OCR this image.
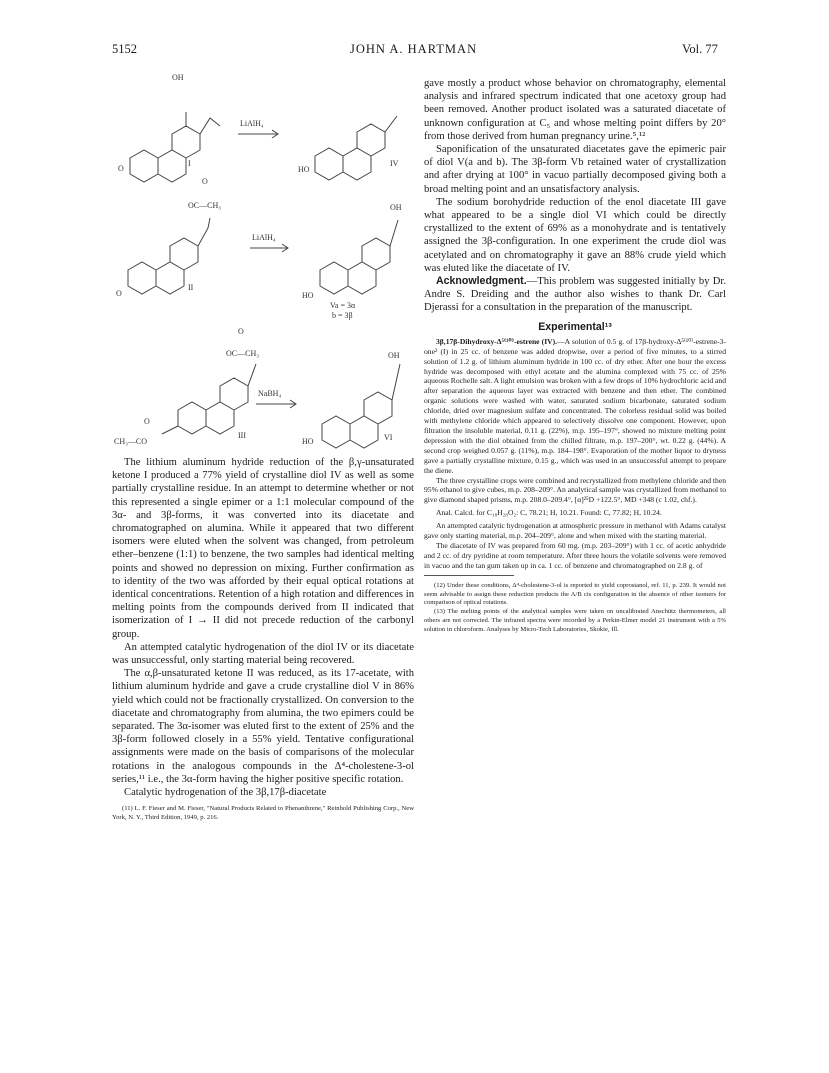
5152	JOHN A. HARTMAN	Vol. 77
OH
LiAlH₄
O
I
HO
IV
O
OC—CH₃	OH
LiAlH₄
O
II
HO
Va = 3α
b = 3β
O
OC—CH₃	OH
NaBH₄
O
CH₃—CO
III
HO	VI

The lithium aluminum hydride reduction of the β,γ-unsaturated ketone I produced a 77% yield of crystalline diol IV as well as some partially crystalline residue. In an attempt to determine whether or not this represented a single epimer or a 1:1 molecular compound of the 3α- and 3β-forms, it was converted into its diacetate and chromatographed on alumina. While it appeared that two different isomers were eluted when the solvent was changed, from petroleum ether–benzene (1:1) to benzene, the two samples had identical melting points and showed no depression on mixing. Further confirmation as to identity of the two was afforded by their equal optical rotations at identical concentrations. Retention of a high rotation and differences in melting points from the compounds derived from II indicated that isomerization of I → II did not precede reduction of the carbonyl group.

An attempted catalytic hydrogenation of the diol IV or its diacetate was unsuccessful, only starting material being recovered.

The α,β-unsaturated ketone II was reduced, as its 17-acetate, with lithium aluminum hydride and gave a crude crystalline diol V in 86% yield which could not be fractionally crystallized. On conversion to the diacetate and chromatography from alumina, the two epimers could be separated. The 3α-isomer was eluted first to the extent of 25% and the 3β-form followed closely in a 55% yield. Tentative configurational assignments were made on the basis of comparisons of the molecular rotations in the analogous compounds in the Δ⁴-cholestene-3-ol series,¹¹ i.e., the 3α-form having the higher positive specific rotation.

Catalytic hydrogenation of the 3β,17β-diacetate

(11) L. F. Fieser and M. Fieser, "Natural Products Related to Phenanthrene," Reinhold Publishing Corp., New York, N. Y., Third Edition, 1949, p. 216.

gave mostly a product whose behavior on chromatography, elemental analysis and infrared spectrum indicated that one acetoxy group had been removed. Another product isolated was a saturated diacetate of unknown configuration at C₅ and whose melting point differs by 20° from those derived from human pregnancy urine.⁵,¹²

Saponification of the unsaturated diacetates gave the epimeric pair of diol V(a and b). The 3β-form Vb retained water of crystallization and after drying at 100° in vacuo partially decomposed giving both a broad melting point and an unsatisfactory analysis.

The sodium borohydride reduction of the enol diacetate III gave what appeared to be a single diol VI which could be directly crystallized to the extent of 69% as a monohydrate and is tentatively assigned the 3β-configuration. In one experiment the crude diol was acetylated and on chromatography it gave an 88% crude yield which was eluted like the diacetate of IV.

Acknowledgment.—This problem was suggested initially by Dr. Andre S. Dreiding and the author also wishes to thank Dr. Carl Djerassi for a consultation in the preparation of the manuscript.

Experimental¹³

3β,17β-Dihydroxy-Δ⁵⁽¹⁰⁾-estrene (IV).—A solution of 0.5 g. of 17β-hydroxy-Δ⁵⁽¹⁰⁾-estrene-3-one² (I) in 25 cc. of benzene was added dropwise, over a period of five minutes, to a stirred solution of 1.2 g. of lithium aluminum hydride in 100 cc. of dry ether. After one hour the excess hydride was decomposed with ethyl acetate and the alumina complexed with 75 cc. of 25% aqueous Rochelle salt. A light emulsion was broken with a few drops of 10% hydrochloric acid and after separation the aqueous layer was extracted with benzene and then ether. The combined organic solutions were washed with water, saturated sodium bicarbonate, saturated sodium chloride, dried over magnesium sulfate and concentrated. The colorless residual solid was boiled with methylene chloride which appeared to selectively dissolve one component. However, upon filtration the insoluble material, 0.11 g. (22%), m.p. 195–197°, showed no mixture melting point depression with the diol obtained from the chilled filtrate, m.p. 197–200°, wt. 0.22 g. (44%). A second crop weighed 0.057 g. (11%), m.p. 184–198°. Evaporation of the mother liquor to dryness gave a partially crystalline mixture, 0.15 g., which was used in an unsuccessful attempt to prepare the diene.

The three crystalline crops were combined and recrystallized from methylene chloride and then 95% ethanol to give cubes, m.p. 208–209°. An analytical sample was crystallized from methanol to give diamond shaped prisms, m.p. 208.0–209.4°, [α]²⁵D +122.5°, MD +348 (c 1.02, chf.).

Anal. Calcd. for C₁₈H₂₈O₂: C, 78.21; H, 10.21. Found: C, 77.82; H, 10.24.

An attempted catalytic hydrogenation at atmospheric pressure in methanol with Adams catalyst gave only starting material, m.p. 204–209°, alone and when mixed with the starting material.

The diacetate of IV was prepared from 60 mg. (m.p. 203–209°) with 1 cc. of acetic anhydride and 2 cc. of dry pyridine at room temperature. After three hours the volatile solvents were removed in vacuo and the tan gum taken up in ca. 1 cc. of benzene and chromatographed on 2.8 g. of

(12) Under these conditions, Δ⁴-cholestene-3-ol is reported to yield coprostanol, ref. 11, p. 239. It would not seem advisable to assign these reduction products the A/B cis configuration in the absence of other isomers for comparison of optical rotations.

(13) The melting points of the analytical samples were taken on uncalibrated Anschütz thermometers, all others are not corrected. The infrared spectra were recorded by a Perkin-Elmer model 21 instrument with a 5% solution in chloroform. Analyses by Micro-Tech Laboratories, Skokie, Ill.
